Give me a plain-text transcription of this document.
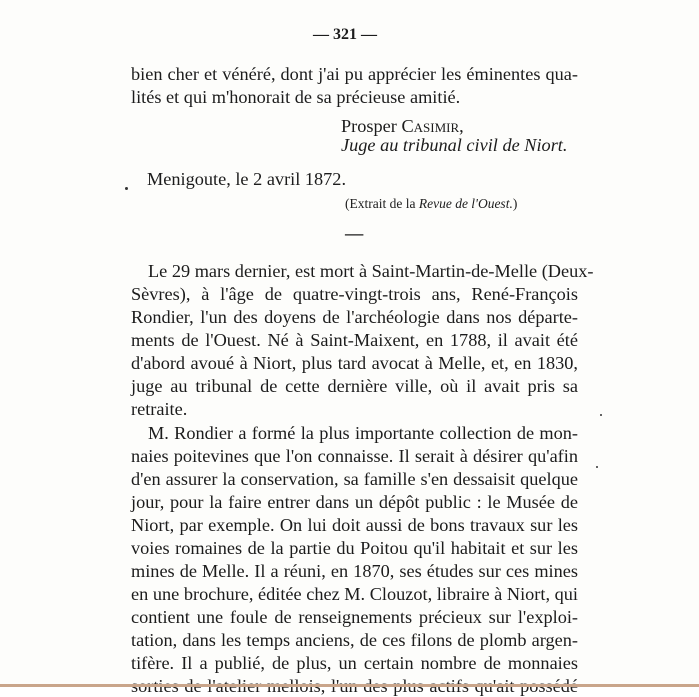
— 321 —
bien cher et vénéré, dont j'ai pu apprécier les éminentes qua-
lités et qui m'honorait de sa précieuse amitié.
Prosper Casimir,
Juge au tribunal civil de Niort.
Menigoute, le 2 avril 1872.
(Extrait de la Revue de l'Ouest.)
—
Le 29 mars dernier, est mort à Saint-Martin-de-Melle (Deux-
Sèvres), à l'âge de quatre-vingt-trois ans, René-François
Rondier, l'un des doyens de l'archéologie dans nos départe-
ments de l'Ouest. Né à Saint-Maixent, en 1788, il avait été
d'abord avoué à Niort, plus tard avocat à Melle, et, en 1830,
juge au tribunal de cette dernière ville, où il avait pris sa
retraite.
M. Rondier a formé la plus importante collection de mon-
naies poitevines que l'on connaisse. Il serait à désirer qu'afin
d'en assurer la conservation, sa famille s'en dessaisit quelque
jour, pour la faire entrer dans un dépôt public : le Musée de
Niort, par exemple. On lui doit aussi de bons travaux sur les
voies romaines de la partie du Poitou qu'il habitait et sur les
mines de Melle. Il a réuni, en 1870, ses études sur ces mines
en une brochure, éditée chez M. Clouzot, libraire à Niort, qui
contient une foule de renseignements précieux sur l'exploi-
tation, dans les temps anciens, de ces filons de plomb argen-
tifère. Il a publié, de plus, un certain nombre de monnaies
